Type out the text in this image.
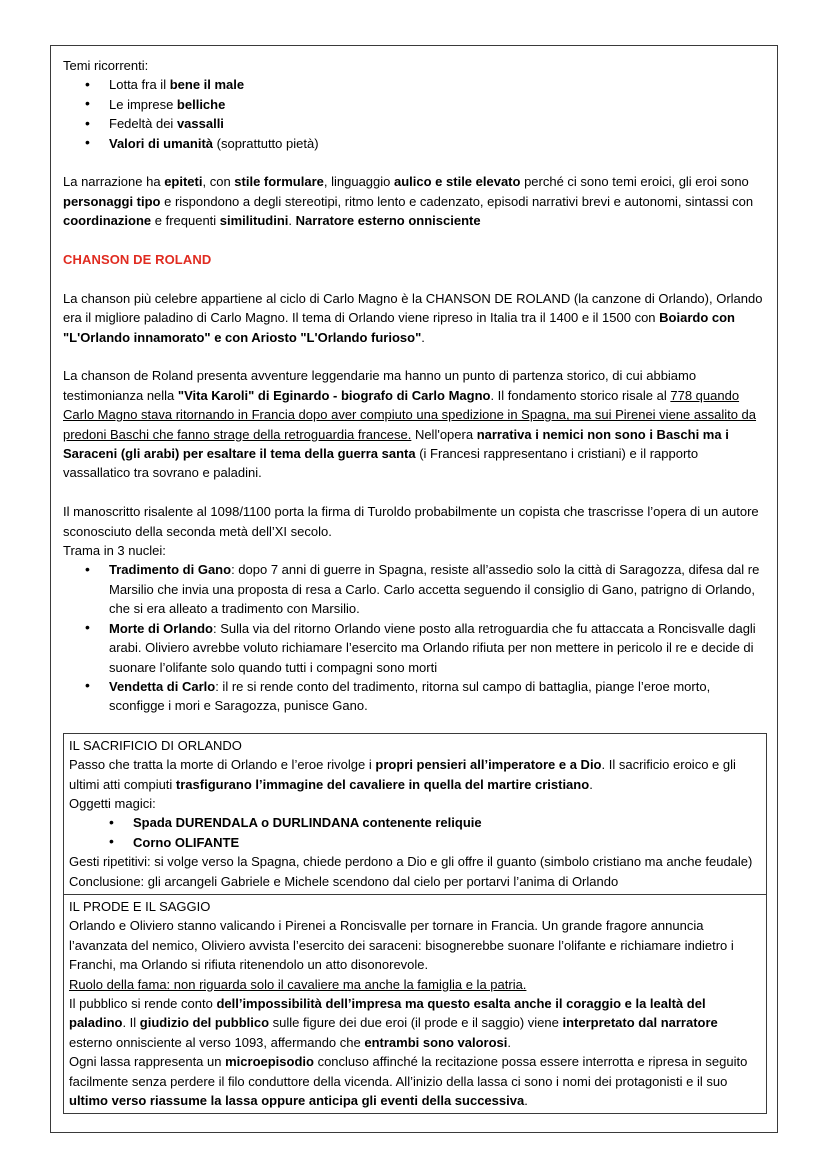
Temi ricorrenti:

• Lotta fra il bene il male
• Le imprese belliche
• Fedeltà dei vassalli
• Valori di umanità (soprattutto pietà)

La narrazione ha epiteti, con stile formulare, linguaggio aulico e stile elevato perché ci sono temi eroici, gli eroi sono personaggi tipo e rispondono a degli stereotipi, ritmo lento e cadenzato, episodi narrativi brevi e autonomi, sintassi con coordinazione e frequenti similitudini. Narratore esterno onnisciente

CHANSON DE ROLAND

La chanson più celebre appartiene al ciclo di Carlo Magno è la CHANSON DE ROLAND (la canzone di Orlando), Orlando era il migliore paladino di Carlo Magno. Il tema di Orlando viene ripreso in Italia tra il 1400 e il 1500 con Boiardo con "L'Orlando innamorato" e con Ariosto "L'Orlando furioso".

La chanson de Roland presenta avventure leggendarie ma hanno un punto di partenza storico, di cui abbiamo testimonianza nella "Vita Karoli" di Eginardo - biografo di Carlo Magno. Il fondamento storico risale al 778 quando Carlo Magno stava ritornando in Francia dopo aver compiuto una spedizione in Spagna, ma sui Pirenei viene assalito da predoni Baschi che fanno strage della retroguardia francese. Nell'opera narrativa i nemici non sono i Baschi ma i Saraceni (gli arabi) per esaltare il tema della guerra santa (i Francesi rappresentano i cristiani) e il rapporto vassallatico tra sovrano e paladini.

Il manoscritto risalente al 1098/1100 porta la firma di Turoldo probabilmente un copista che trascrisse l’opera di un autore sconosciuto della seconda metà dell’XI secolo.

Trama in 3 nuclei:

• Tradimento di Gano: dopo 7 anni di guerre in Spagna, resiste all’assedio solo la città di Saragozza, difesa dal re Marsilio che invia una proposta di resa a Carlo. Carlo accetta seguendo il consiglio di Gano, patrigno di Orlando, che si era alleato a tradimento con Marsilio.
• Morte di Orlando: Sulla via del ritorno Orlando viene posto alla retroguardia che fu attaccata a Roncisvalle dagli arabi. Oliviero avrebbe voluto richiamare l’esercito ma Orlando rifiuta per non mettere in pericolo il re e decide di suonare l’olifante solo quando tutti i compagni sono morti
• Vendetta di Carlo: il re si rende conto del tradimento, ritorna sul campo di battaglia, piange l’eroe morto, sconfigge i mori e Saragozza, punisce Gano.

IL SACRIFICIO DI ORLANDO

Passo che tratta la morte di Orlando e l’eroe rivolge i propri pensieri all’imperatore e a Dio. Il sacrificio eroico e gli ultimi atti compiuti trasfigurano l’immagine del cavaliere in quella del martire cristiano.

Oggetti magici:

• Spada DURENDALA o DURLINDANA contenente reliquie
• Corno OLIFANTE

Gesti ripetitivi: si volge verso la Spagna, chiede perdono a Dio e gli offre il guanto (simbolo cristiano ma anche feudale)

Conclusione: gli arcangeli Gabriele e Michele scendono dal cielo per portarvi l’anima di Orlando

IL PRODE E IL SAGGIO

Orlando e Oliviero stanno valicando i Pirenei a Roncisvalle per tornare in Francia. Un grande fragore annuncia l’avanzata del nemico, Oliviero avvista l’esercito dei saraceni: bisognerebbe suonare l’olifante e richiamare indietro i Franchi, ma Orlando si rifiuta ritenendolo un atto disonorevole.

Ruolo della fama: non riguarda solo il cavaliere ma anche la famiglia e la patria.

Il pubblico si rende conto dell’impossibilità dell’impresa ma questo esalta anche il coraggio e la lealtà del paladino. Il giudizio del pubblico sulle figure dei due eroi (il prode e il saggio) viene interpretato dal narratore esterno onnisciente al verso 1093, affermando che entrambi sono valorosi.

Ogni lassa rappresenta un microepisodio concluso affinché la recitazione possa essere interrotta e ripresa in seguito facilmente senza perdere il filo conduttore della vicenda. All’inizio della lassa ci sono i nomi dei protagonisti e il suo ultimo verso riassume la lassa oppure anticipa gli eventi della successiva.
